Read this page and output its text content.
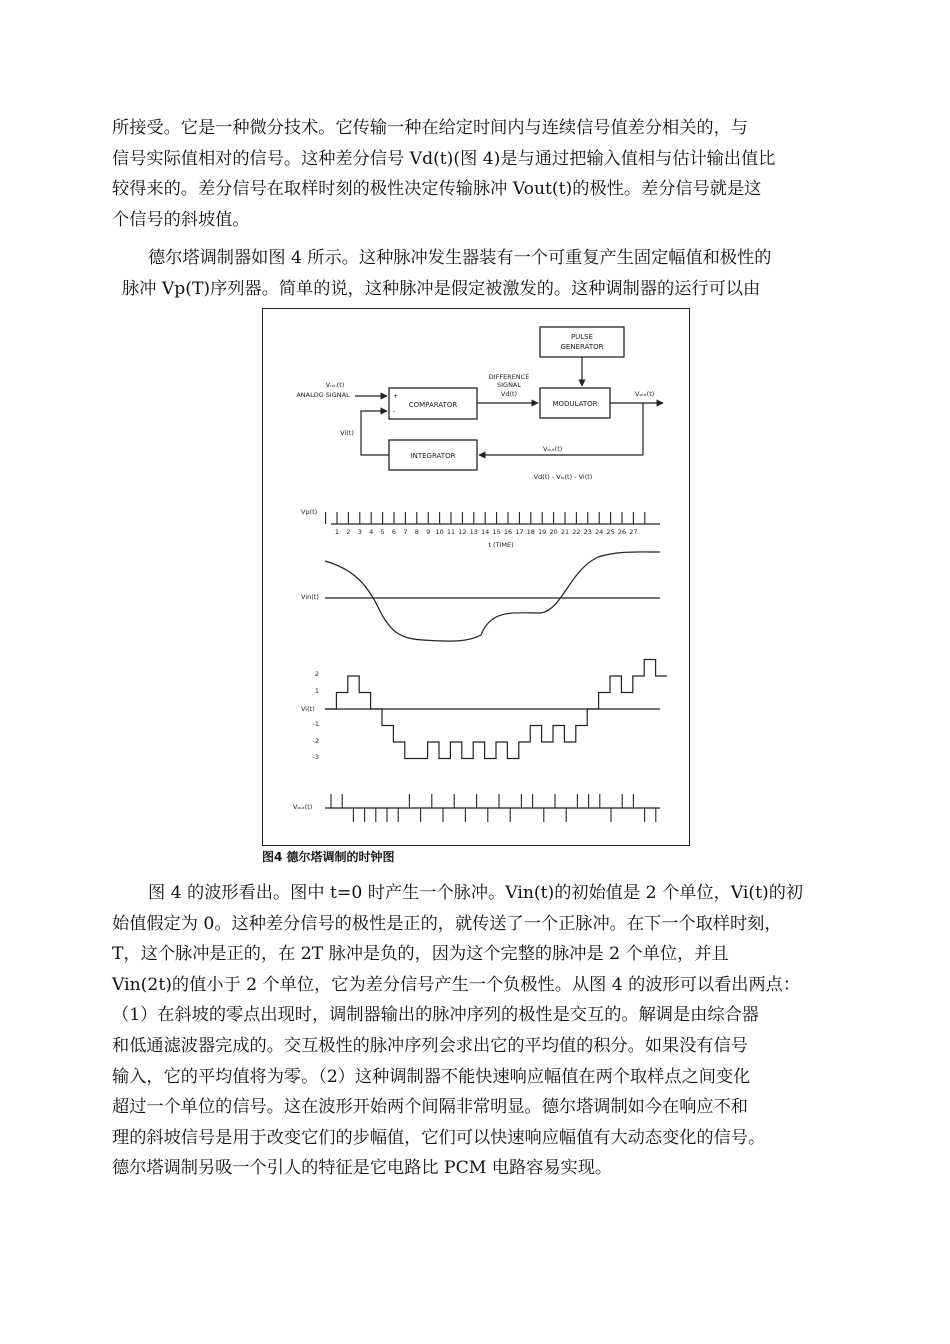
所接受。它是一种微分技术。它传输一种在给定时间内与连续信号值差分相关的，与
信号实际值相对的信号。这种差分信号 Vd(t)(图 4)是与通过把输入值相与估计输出值比
较得来的。差分信号在取样时刻的极性决定传输脉冲 Vout(t)的极性。差分信号就是这
个信号的斜坡值。

德尔塔调制器如图 4 所示。这种脉冲发生器装有一个可重复产生固定幅值和极性的
脉冲 Vp(T)序列器。简单的说，这种脉冲是假定被激发的。这种调制器的运行可以由

PULSE
GENERATOR
COMPARATOR
+
-
MODULATOR
INTEGRATOR
Vₘₙ(t)
ANALOG SIGNAL
DIFFERENCE
SIGNAL
Vd(t)	Vₒᵤₜ(t)
Vₒᵤₜ(t)
Vi(t)
Vd(t) - Vᵢₙ(t) - Vi(t)
Vp(t)
1 2 3 4 5 6 7 8 9 10 11 12 13 14 15 16 17 18 19 20 21 22 23 24 25 26 27
t (TIME)
Vin(t)
2
1
-1
-2
-3
Vi(t)
Vₒᵤₜ(t)
图4 德尔塔调制的时钟图

图 4 的波形看出。图中 t=0 时产生一个脉冲。Vin(t)的初始值是 2 个单位，Vi(t)的初
始值假定为 0。这种差分信号的极性是正的，就传送了一个正脉冲。在下一个取样时刻，
T，这个脉冲是正的，在 2T 脉冲是负的，因为这个完整的脉冲是 2 个单位，并且
Vin(2t)的值小于 2 个单位，它为差分信号产生一个负极性。从图 4 的波形可以看出两点：
（1）在斜坡的零点出现时，调制器输出的脉冲序列的极性是交互的。解调是由综合器
和低通滤波器完成的。交互极性的脉冲序列会求出它的平均值的积分。如果没有信号
输入，它的平均值将为零。（2）这种调制器不能快速响应幅值在两个取样点之间变化
超过一个单位的信号。这在波形开始两个间隔非常明显。德尔塔调制如今在响应不和
理的斜坡信号是用于改变它们的步幅值，它们可以快速响应幅值有大动态变化的信号。
德尔塔调制另吸一个引人的特征是它电路比 PCM 电路容易实现。
